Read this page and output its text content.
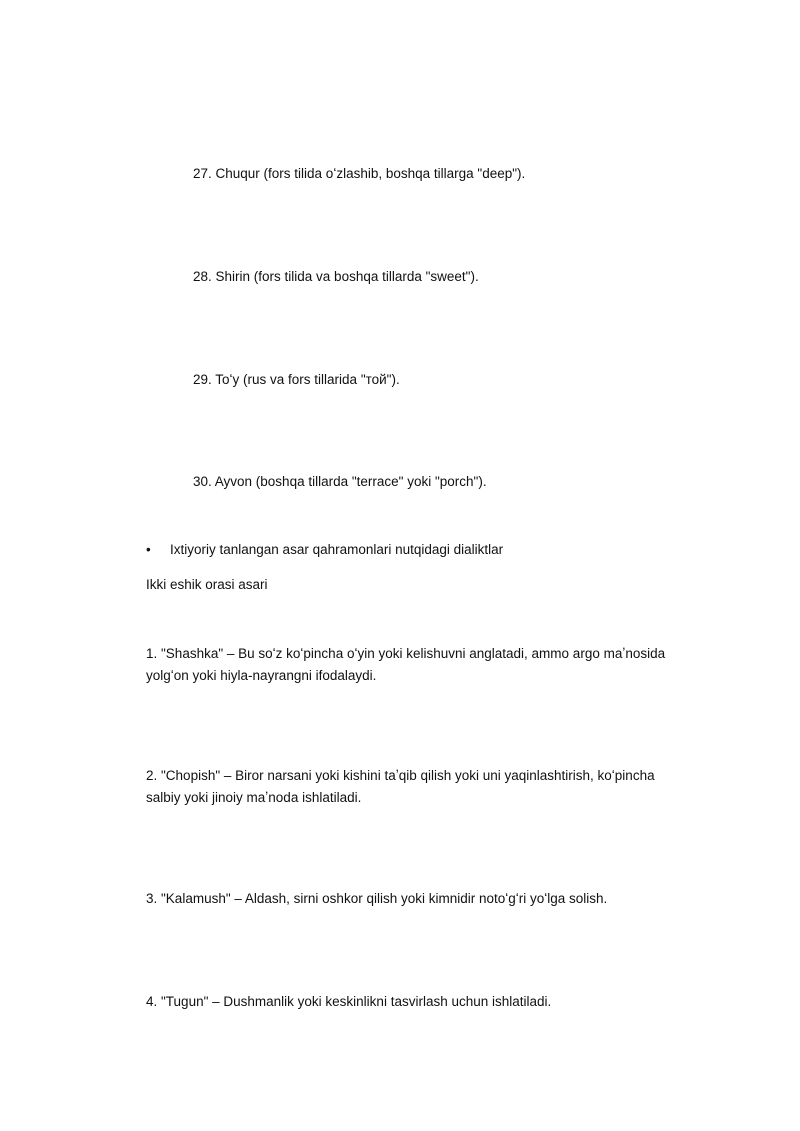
27. Chuqur (fors tilida oʻzlashib, boshqa tillarga "deep").

28. Shirin (fors tilida va boshqa tillarda "sweet").

29. Toʻy (rus va fors tillarida "той").

30. Ayvon (boshqa tillarda "terrace" yoki "porch").

•	Ixtiyoriy tanlangan asar qahramonlari nutqidagi dialiktlar

Ikki eshik orasi asari

1. "Shashka" – Bu soʻz koʻpincha oʻyin yoki kelishuvni anglatadi, ammo argo maʼnosida yolgʻon yoki hiyla-nayrangni ifodalaydi.

2. "Chopish" – Biror narsani yoki kishini taʼqib qilish yoki uni yaqinlashtirish, koʻpincha salbiy yoki jinoiy maʼnoda ishlatiladi.

3. "Kalamush" – Aldash, sirni oshkor qilish yoki kimnidir notoʻgʻri yoʻlga solish.

4. "Tugun" – Dushmanlik yoki keskinlikni tasvirlash uchun ishlatiladi.
